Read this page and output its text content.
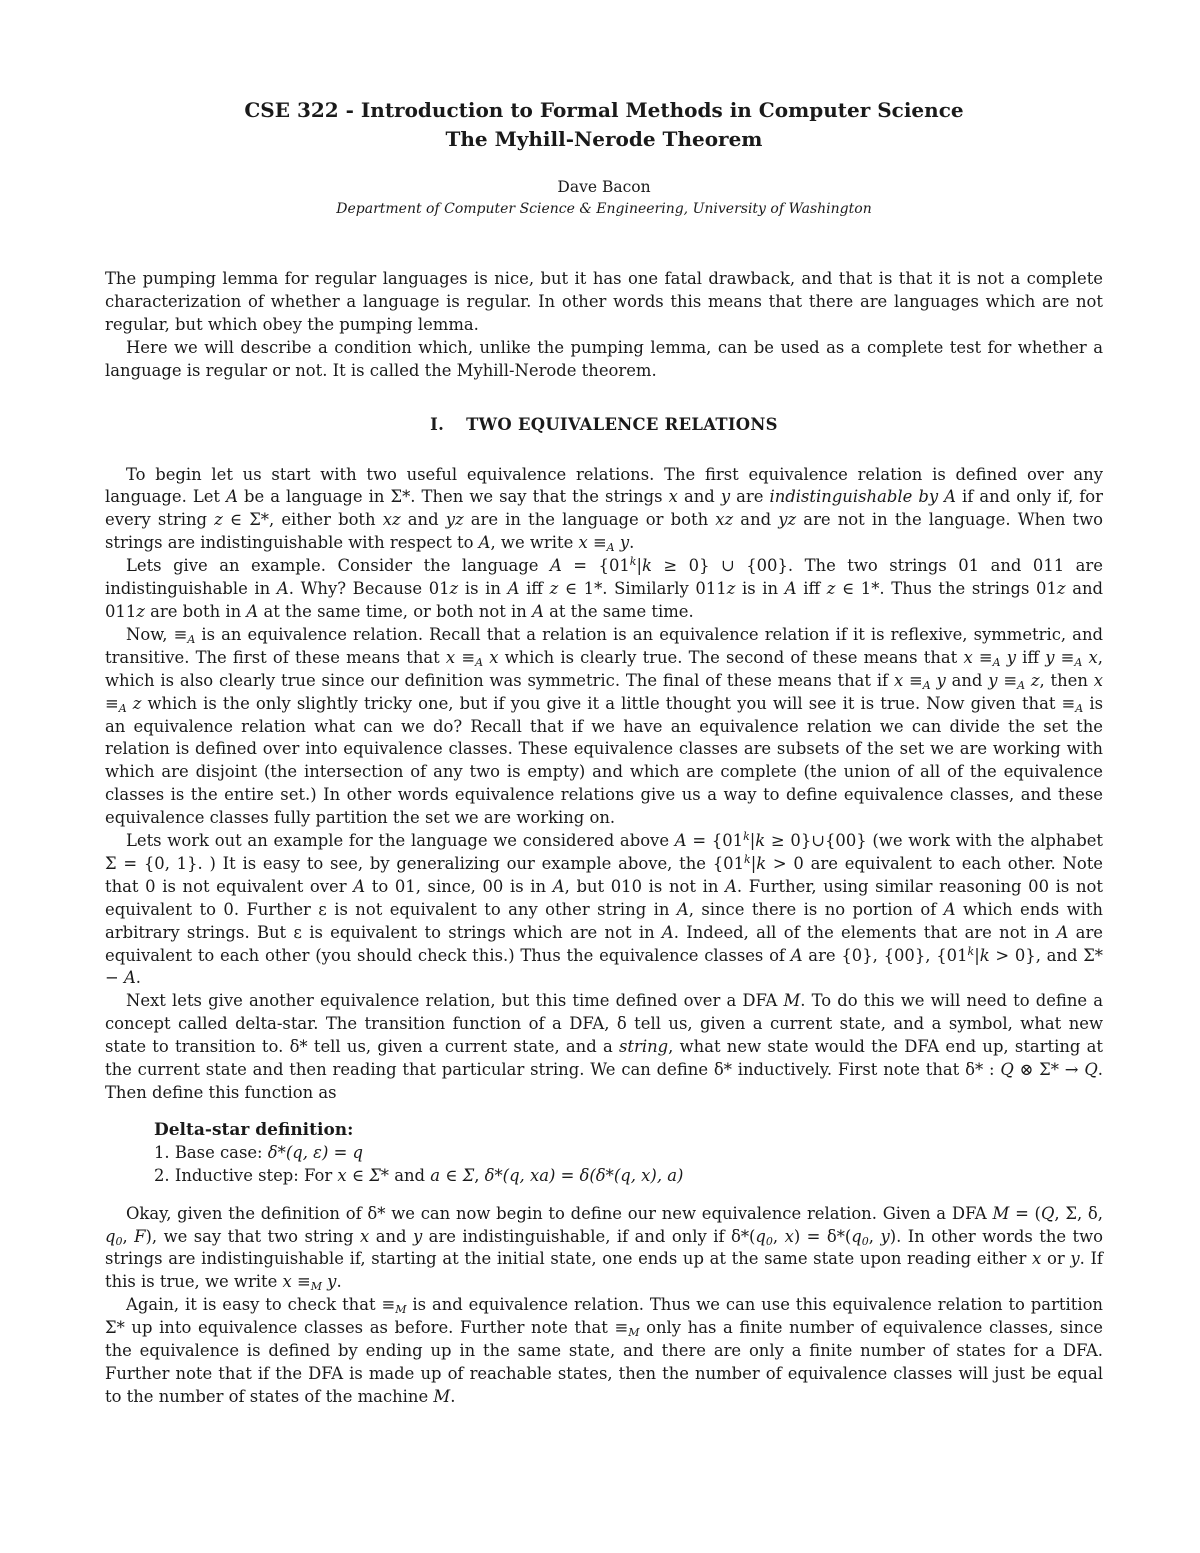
CSE 322 - Introduction to Formal Methods in Computer Science

The Myhill-Nerode Theorem

Dave Bacon
Department of Computer Science & Engineering, University of Washington

The pumping lemma for regular languages is nice, but it has one fatal drawback, and that is that it is not a complete characterization of whether a language is regular. In other words this means that there are languages which are not regular, but which obey the pumping lemma.

Here we will describe a condition which, unlike the pumping lemma, can be used as a complete test for whether a language is regular or not. It is called the Myhill-Nerode theorem.

I. TWO EQUIVALENCE RELATIONS

To begin let us start with two useful equivalence relations. The first equivalence relation is defined over any language. Let A be a language in Σ*. Then we say that the strings x and y are indistinguishable by A if and only if, for every string z ∈ Σ*, either both xz and yz are in the language or both xz and yz are not in the language. When two strings are indistinguishable with respect to A, we write $x \equiv_A$ y.

Lets give an example. Consider the language $A = \{01^k|k \ge 0\}$ ∪ {00}. The two strings 01 and 011 are indistinguishable in A. Why? Because 01z is in A iff z ∈ 1*. Similarly 011z is in A iff z ∈ 1*. Thus the strings 01z and 011z are both in A at the same time, or both not in A at the same time.

Now, $\equiv_A$ is an equivalence relation. Recall that a relation is an equivalence relation if it is reflexive, symmetric, and transitive. The first of these means that $x \equiv_A$ x which is clearly true. The second of these means that $x \equiv_A$ y iff $y \equiv_A$ x, which is also clearly true since our definition was symmetric. The final of these means that if $x \equiv_A$ y and $y \equiv_A$ z, then $x \equiv_A$ z which is the only slightly tricky one, but if you give it a little thought you will see it is true. Now given that $\equiv_A$ is an equivalence relation what can we do? Recall that if we have an equivalence relation we can divide the set the relation is defined over into equivalence classes. These equivalence classes are subsets of the set we are working with which are disjoint (the intersection of any two is empty) and which are complete (the union of all of the equivalence classes is the entire set.) In other words equivalence relations give us a way to define equivalence classes, and these equivalence classes fully partition the set we are working on.

Lets work out an example for the language we considered above $A = \{01^k|k$ ≥ 0}∪{00} (we work with the alphabet Σ = {0, 1}. ) It is easy to see, by generalizing our example above, the {$01^k|k > 0$ are equivalent to each other. Note that 0 is not equivalent over A to 01, since, 00 is in A, but 010 is not in A. Further, using similar reasoning 00 is not equivalent to 0. Further ε is not equivalent to any other string in A, since there is no portion of A which ends with arbitrary strings. But ε is equivalent to strings which are not in A. Indeed, all of the elements that are not in A are equivalent to each other (you should check this.) Thus the equivalence classes of A are {0}, {00}, $\{01^k|k > 0\}$, and Σ* − A.

Next lets give another equivalence relation, but this time defined over a DFA M. To do this we will need to define a concept called delta-star. The transition function of a DFA, δ tell us, given a current state, and a symbol, what new state to transition to. δ* tell us, given a current state, and a string, what new state would the DFA end up, starting at the current state and then reading that particular string. We can define δ* inductively. First note that δ* : Q ⊗ Σ* → Q. Then define this function as

Delta-star definition:
1. Base case: δ*(q, ε) = q
2. Inductive step: For x ∈ Σ* and a ∈ Σ, δ*(q, xa) = δ(δ*(q, x), a)

Okay, given the definition of δ* we can now begin to define our new equivalence relation. Given a DFA M = (Q, Σ, δ, $q_0$, F), we say that two string x and y are indistinguishable, if and only if $\delta*(q_0$, $x) = \delta*(q_0$, y). In other words the two strings are indistinguishable if, starting at the initial state, one ends up at the same state upon reading either x or y. If this is true, we write $x \equiv_M$ y.

Again, it is easy to check that $\equiv_M$ is and equivalence relation. Thus we can use this equivalence relation to partition Σ* up into equivalence classes as before. Further note that $\equiv_M$ only has a finite number of equivalence classes, since the equivalence is defined by ending up in the same state, and there are only a finite number of states for a DFA. Further note that if the DFA is made up of reachable states, then the number of equivalence classes will just be equal to the number of states of the machine M.
